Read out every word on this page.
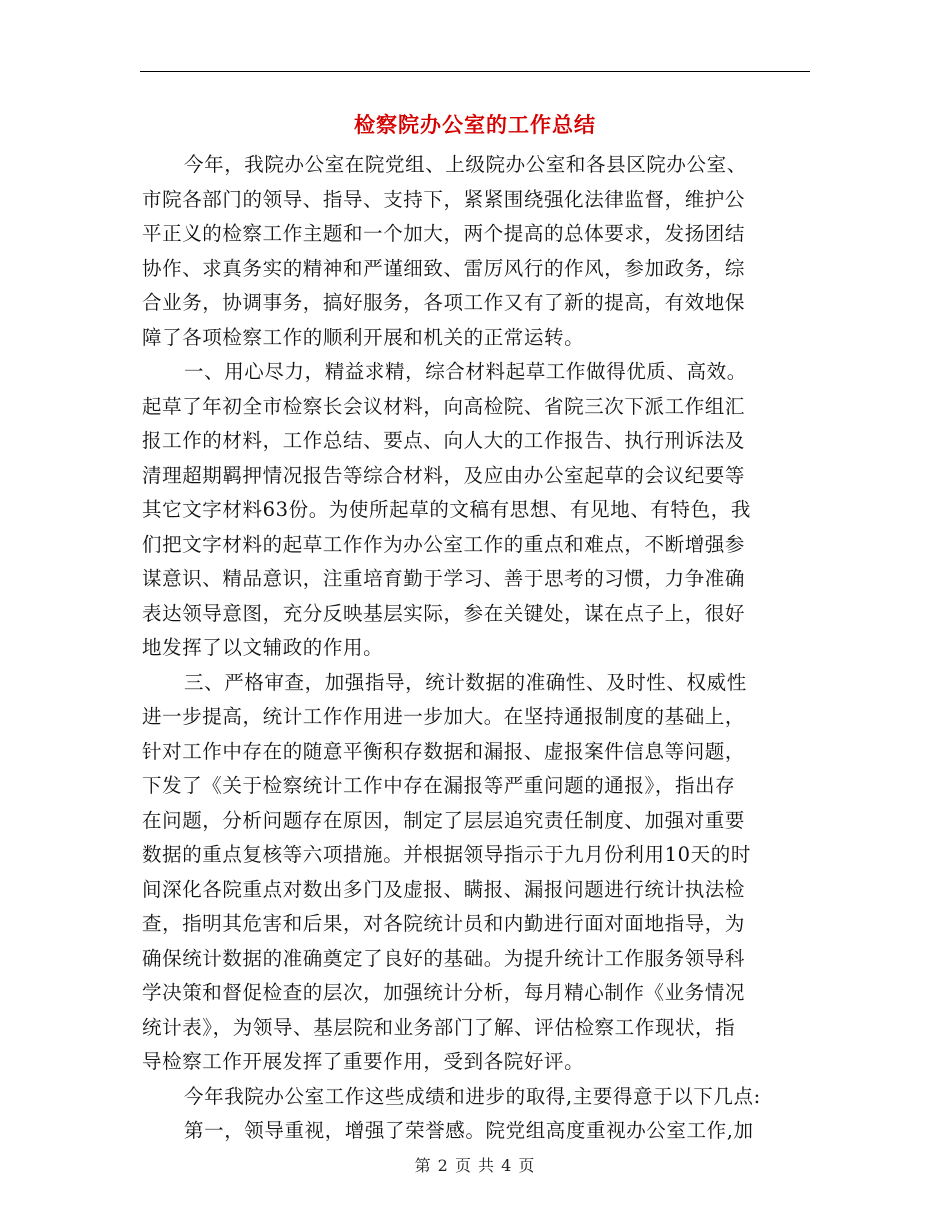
检察院办公室的工作总结
今年，我院办公室在院党组、上级院办公室和各县区院办公室、
市院各部门的领导、指导、支持下，紧紧围绕强化法律监督，维护公
平正义的检察工作主题和一个加大，两个提高的总体要求，发扬团结
协作、求真务实的精神和严谨细致、雷厉风行的作风，参加政务，综
合业务，协调事务，搞好服务，各项工作又有了新的提高，有效地保
障了各项检察工作的顺利开展和机关的正常运转。
一、用心尽力，精益求精，综合材料起草工作做得优质、高效。
起草了年初全市检察长会议材料，向高检院、省院三次下派工作组汇
报工作的材料，工作总结、要点、向人大的工作报告、执行刑诉法及
清理超期羁押情况报告等综合材料，及应由办公室起草的会议纪要等
其它文字材料63份。为使所起草的文稿有思想、有见地、有特色，我
们把文字材料的起草工作作为办公室工作的重点和难点，不断增强参
谋意识、精品意识，注重培育勤于学习、善于思考的习惯，力争准确
表达领导意图，充分反映基层实际，参在关键处，谋在点子上，很好
地发挥了以文辅政的作用。
三、严格审查，加强指导，统计数据的准确性、及时性、权威性
进一步提高，统计工作作用进一步加大。在坚持通报制度的基础上，
针对工作中存在的随意平衡积存数据和漏报、虚报案件信息等问题，
下发了《关于检察统计工作中存在漏报等严重问题的通报》，指出存
在问题，分析问题存在原因，制定了层层追究责任制度、加强对重要
数据的重点复核等六项措施。并根据领导指示于九月份利用10天的时
间深化各院重点对数出多门及虚报、瞒报、漏报问题进行统计执法检
查，指明其危害和后果，对各院统计员和内勤进行面对面地指导，为
确保统计数据的准确奠定了良好的基础。为提升统计工作服务领导科
学决策和督促检查的层次，加强统计分析，每月精心制作《业务情况
统计表》，为领导、基层院和业务部门了解、评估检察工作现状，指
导检察工作开展发挥了重要作用，受到各院好评。
今年我院办公室工作这些成绩和进步的取得,主要得意于以下几点:
第一，领导重视，增强了荣誉感。院党组高度重视办公室工作,加
第 2 页 共 4 页
